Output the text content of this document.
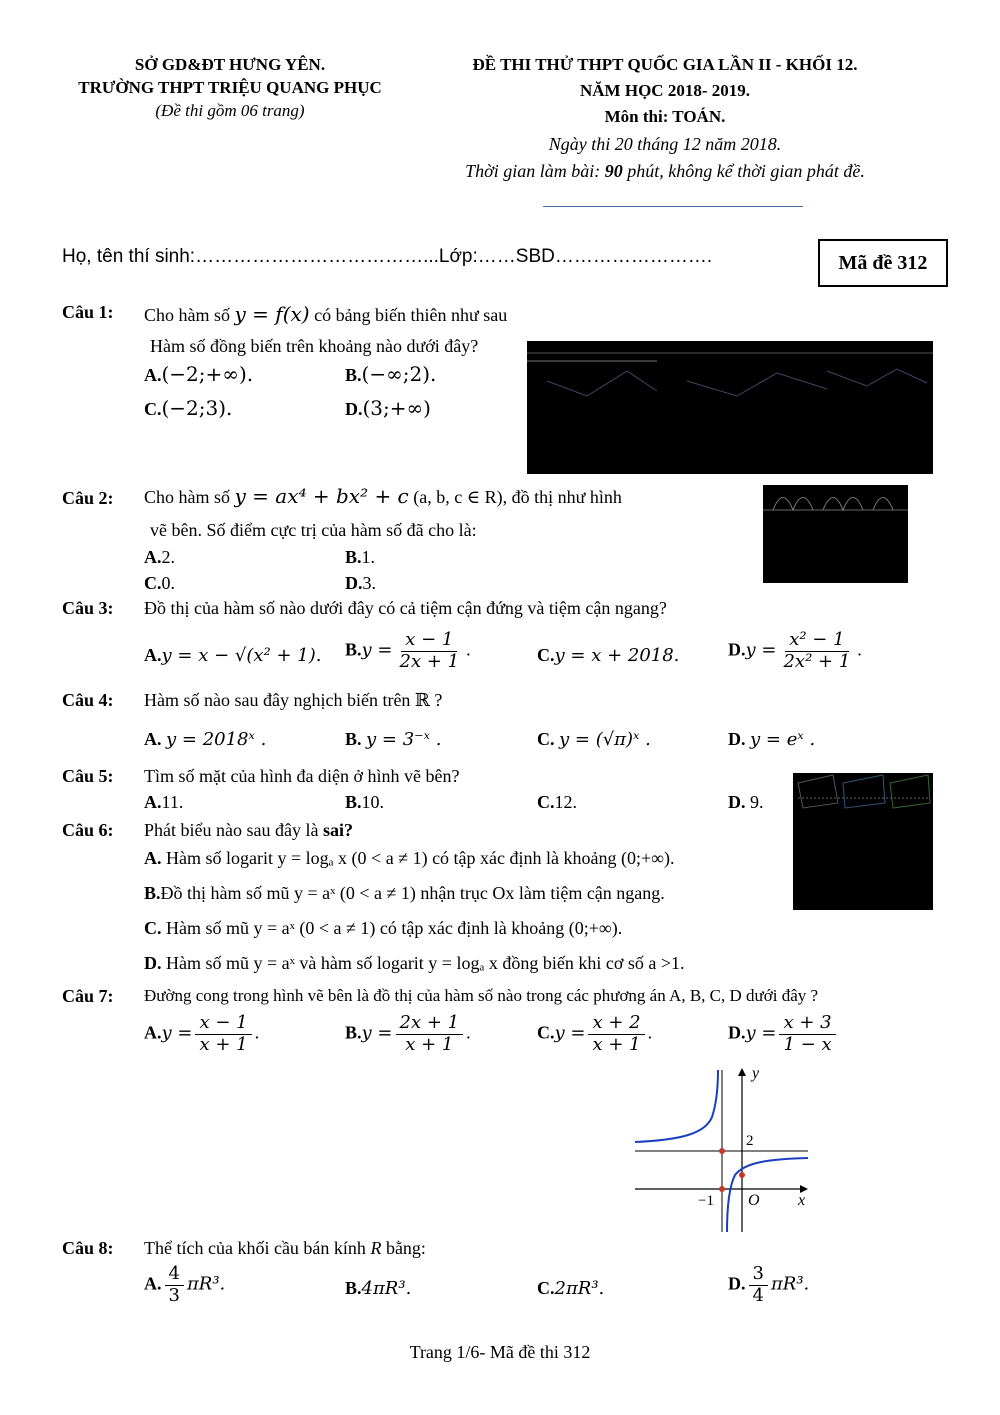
SỞ GD&ĐT HƯNG YÊN.
TRƯỜNG THPT TRIỆU QUANG PHỤC
(Đề thi gồm 06 trang)
ĐỀ THI THỬ THPT QUỐC GIA LẦN II - KHỐI 12.
NĂM HỌC 2018- 2019.
Môn thi: TOÁN.
Ngày thi 20 tháng 12 năm 2018.
Thời gian làm bài: 90 phút, không kể thời gian phát đề.
Họ, tên thí sinh:………………………………...Lớp:……SBD…………………….	Mã đề 312
Câu 1: Cho hàm số y = f(x) có bảng biến thiên như sau
Hàm số đồng biến trên khoảng nào dưới đây?
A.(−2;+∞).	B.(−∞;2).
C.(−2;3).	D.(3;+∞)
Câu 2: Cho hàm số y = ax⁴ + bx² + c (a, b, c ∈ R), đồ thị như hình
vẽ bên. Số điểm cực trị của hàm số đã cho là:
A.2.	B.1.
C.0.	D.3.
Câu 3: Đồ thị của hàm số nào dưới đây có cả tiệm cận đứng và tiệm cận ngang?
A.y = x − √(x² + 1). $B.y = \frac{x - 1}{2x + 1}$ .	C.y = x + 2018.	$D.y = \frac{\text{x² − 1}}{\text{2x² + 1}}$ .
Câu 4: Hàm số nào sau đây nghịch biến trên ℝ ?
A. y = 2018ˣ .	B. y = 3⁻ˣ .	C. y = (√π)ˣ .	D. y = eˣ .
Câu 5: Tìm số mặt của hình đa diện ở hình vẽ bên?
A.11.	B.10.	C.12.	D. 9.
Câu 6: Phát biểu nào sau đây là sai?
A. Hàm số logarit y = logₐ x (0 < a ≠ 1) có tập xác định là khoảng (0;+∞).
B.Đồ thị hàm số mũ y = aˣ (0 < a ≠ 1) nhận trục Ox làm tiệm cận ngang.
C. Hàm số mũ y = aˣ (0 < a ≠ 1) có tập xác định là khoảng (0;+∞).
D. Hàm số mũ y = aˣ và hàm số logarit y = logₐ x đồng biến khi cơ số a >1.
Câu 7: Đường cong trong hình vẽ bên là đồ thị của hàm số nào trong các phương án A, B, C, D dưới đây ?
$A.y = \frac{x - 1}{x + 1}$ .	$B.y = \frac{2x + 1}{x + 1}$ .	$C.y = \frac{x + 2}{x + 1}$ .	$D.y = \frac{x + 3}{1 - x}$
y
x
2
−1 O
Câu 8: Thể tích của khối cầu bán kính R bằng:
A. $\frac{4}{3} \pi R^3$.	B.4πR³.	C.2πR³.	D. $\frac{3}{4} \pi R^3$.
Trang 1/6- Mã đề thi 312
